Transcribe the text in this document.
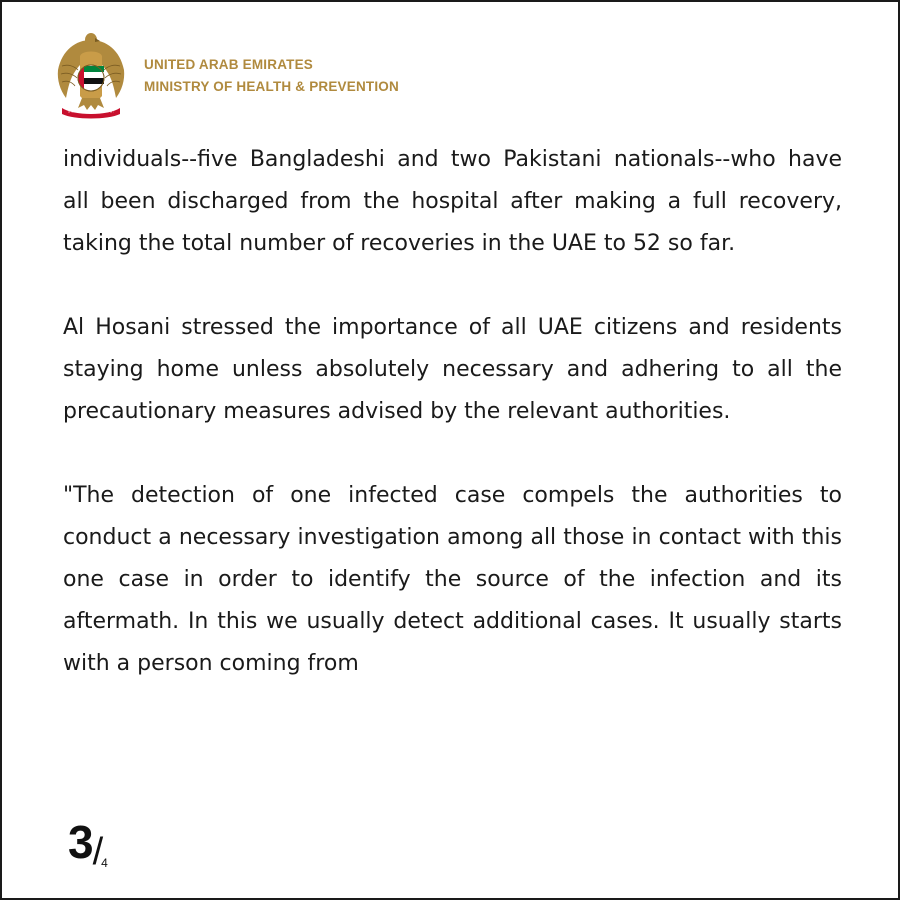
UNITED ARAB EMIRATES
MINISTRY OF HEALTH & PREVENTION

individuals--five Bangladeshi and two Pakistani nationals--who have all been discharged from the hospital after making a full recovery, taking the total number of recoveries in the UAE to 52 so far.

Al Hosani stressed the importance of all UAE citizens and residents staying home unless absolutely necessary and adhering to all the precautionary measures advised by the relevant authorities.

"The detection of one infected case compels the authorities to conduct a necessary investigation among all those in contact with this one case in order to identify the source of the infection and its aftermath. In this we usually detect additional cases. It usually starts with a person coming from

3/4
